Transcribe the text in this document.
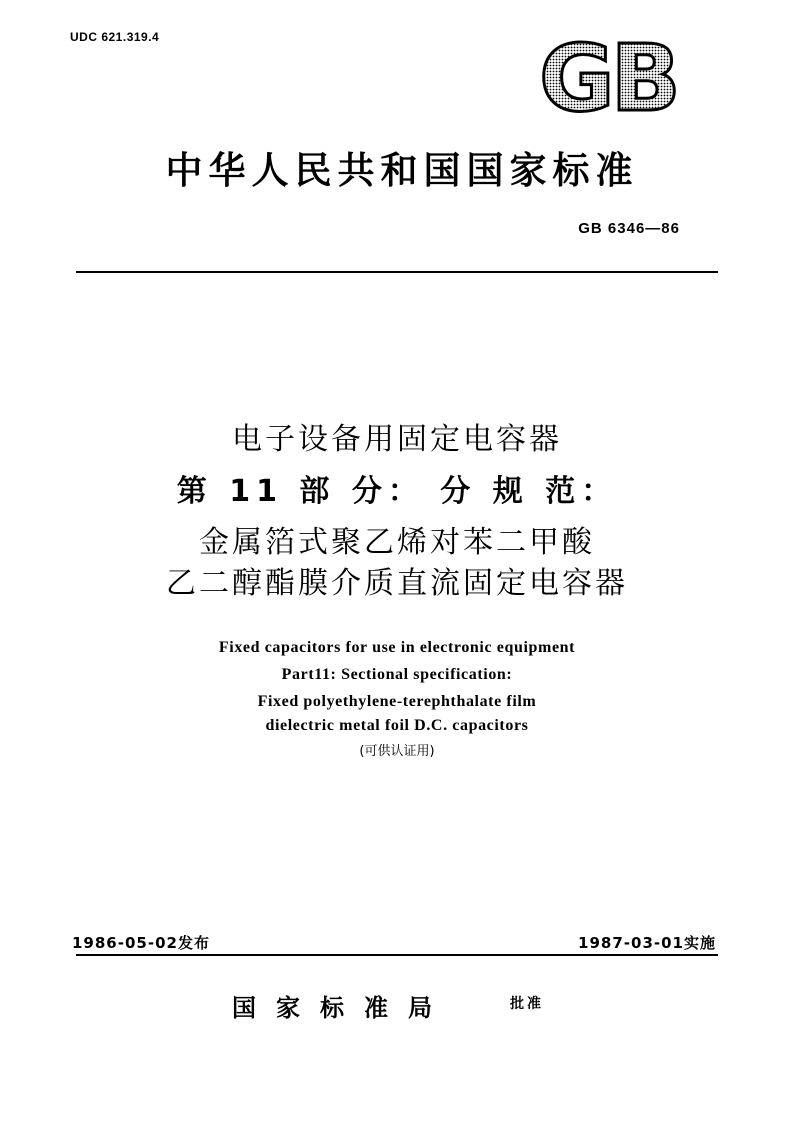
UDC 621.319.4	GB
中华人民共和国国家标准
GB 6346—86
电子设备用固定电容器
第 11 部 分： 分 规 范：
金属箔式聚乙烯对苯二甲酸
乙二醇酯膜介质直流固定电容器
Fixed capacitors for use in electronic equipment
Part11: Sectional specification:
Fixed polyethylene-terephthalate film
dielectric metal foil D.C. capacitors
(可供认证用)
1986-05-02发布	1987-03-01实施
国家标准局	批准
